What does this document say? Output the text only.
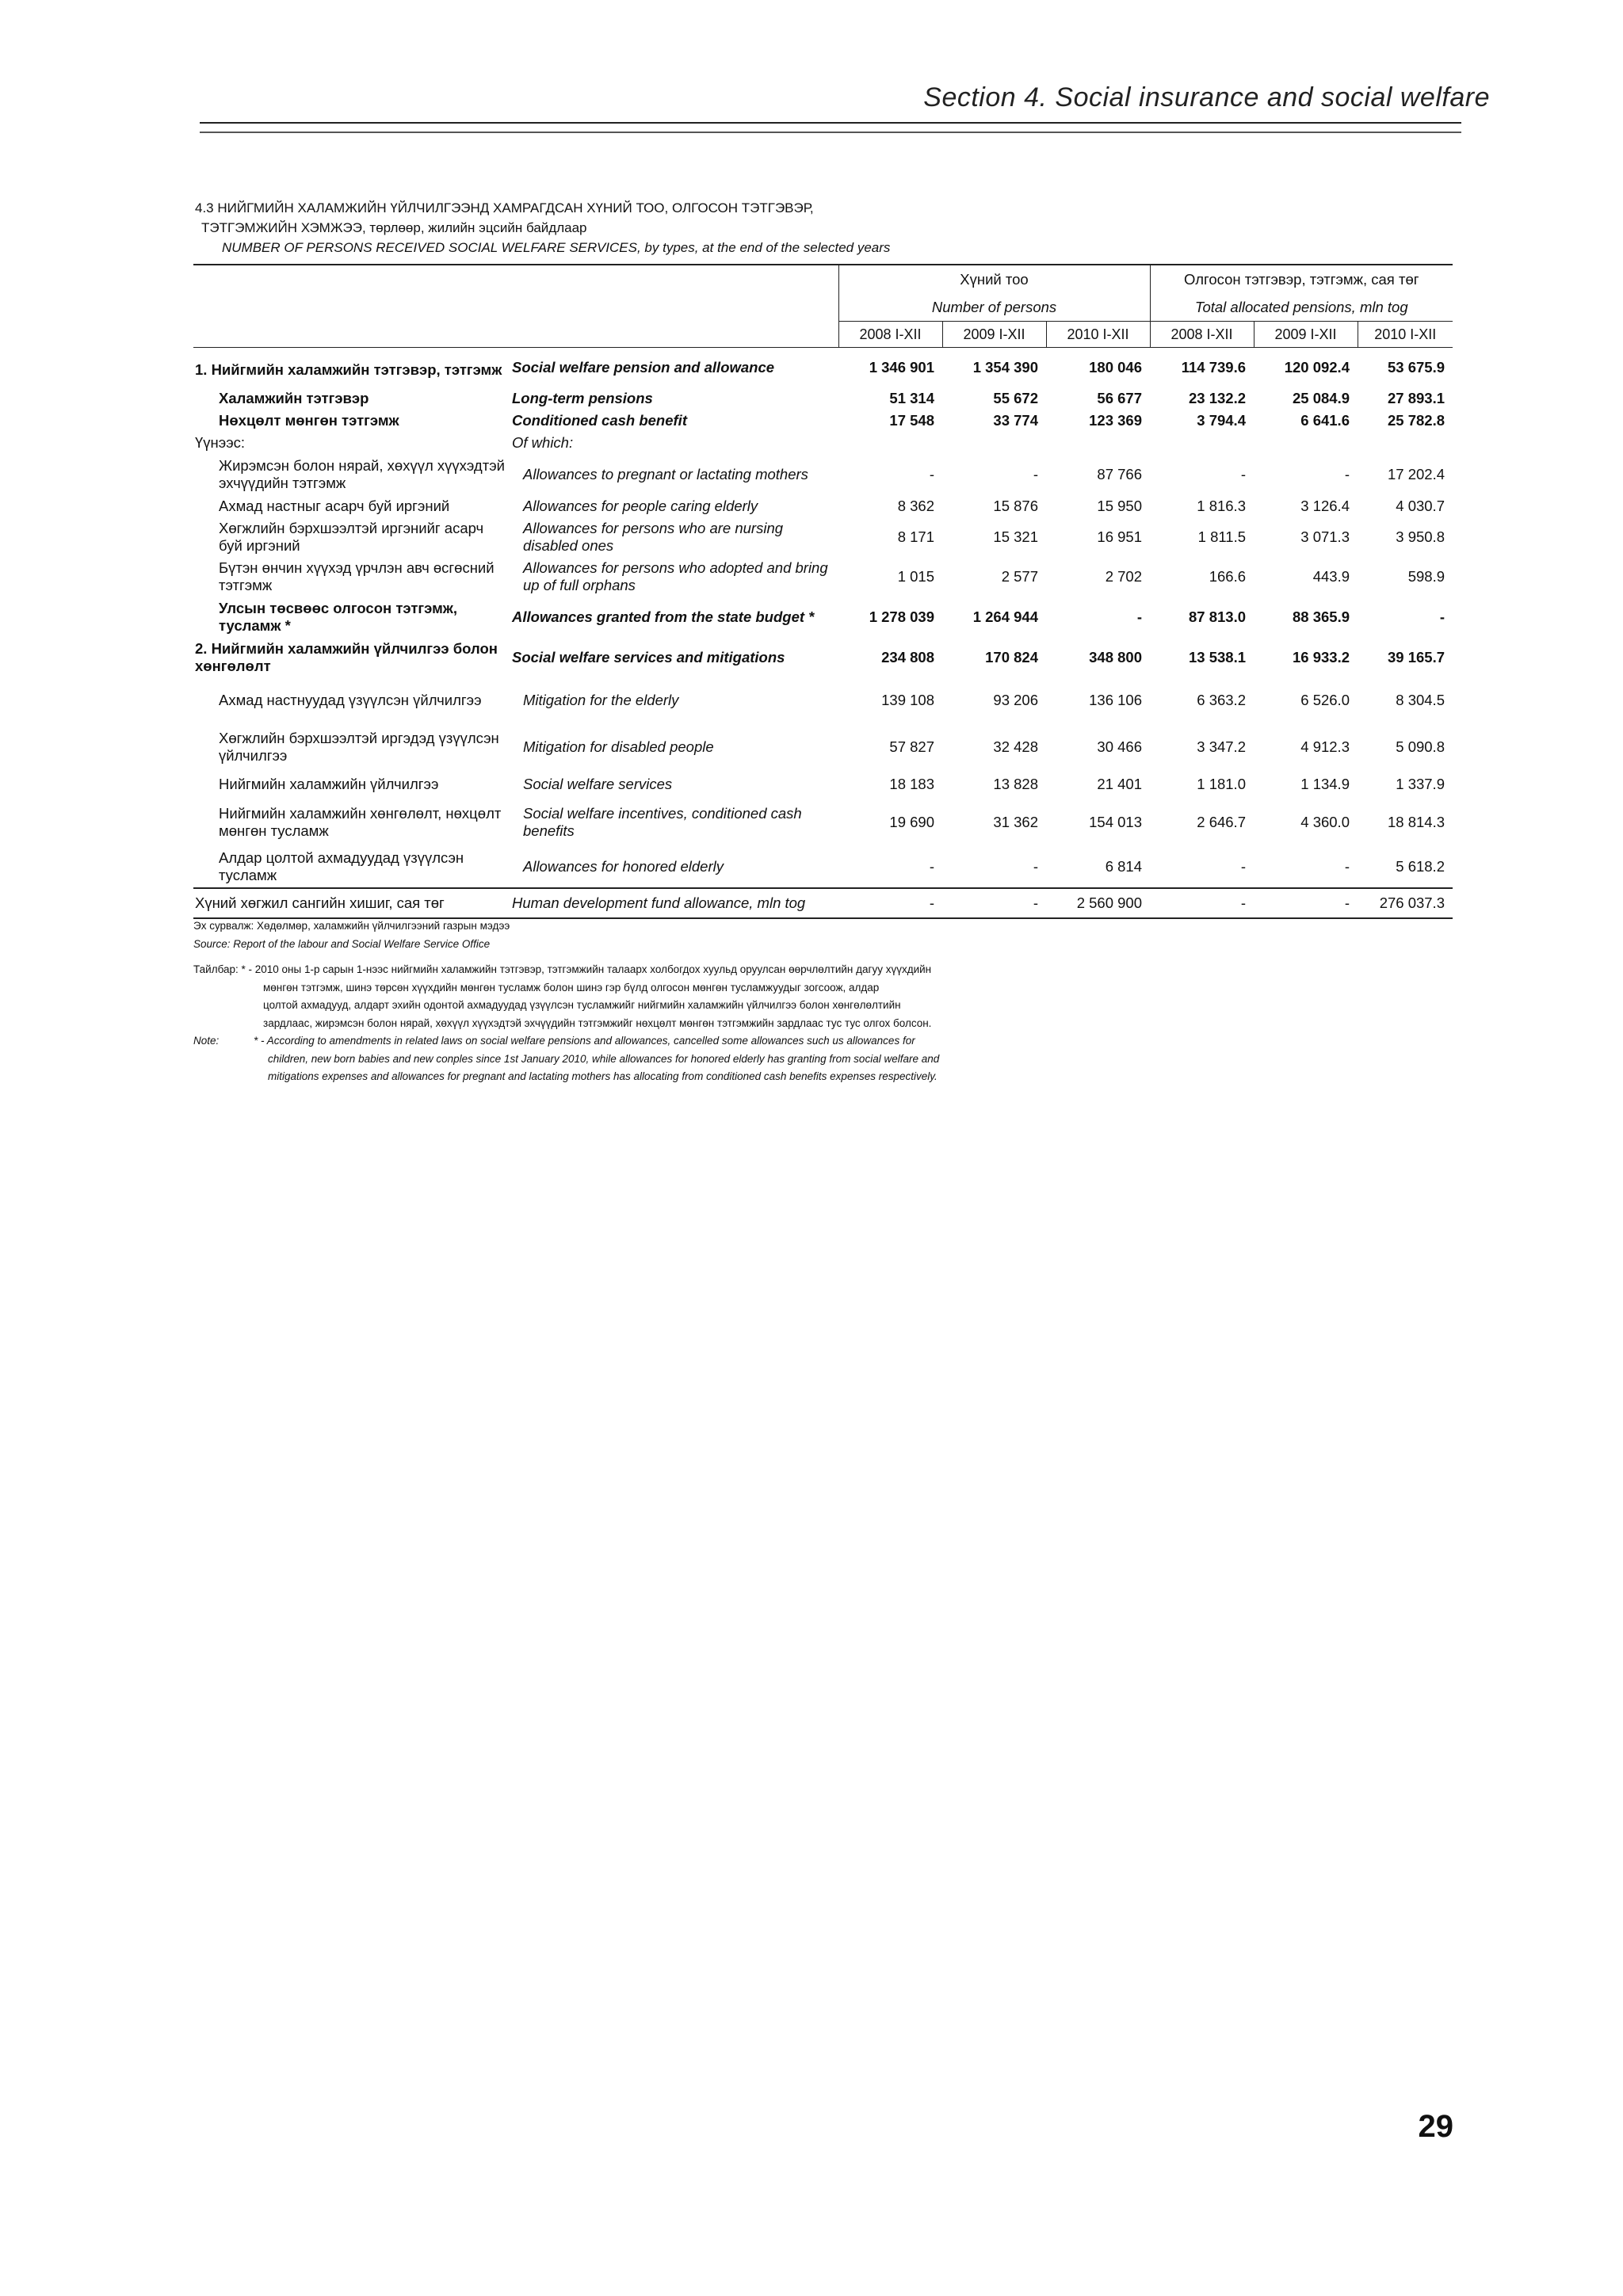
Section 4. Social insurance and social welfare
4.3 НИЙГМИЙН ХАЛАМЖИЙН ҮЙЛЧИЛГЭЭНД ХАМРАГДСАН ХҮНИЙ ТОО, ОЛГОСОН ТЭТГЭВЭР,
ТЭТГЭМЖИЙН ХЭМЖЭЭ, төрлөөр, жилийн эцсийн байдлаар
NUMBER OF PERSONS RECEIVED SOCIAL WELFARE SERVICES, by types, at the end of the selected years
		Хүний тоо			Олгосон тэтгэвэр, тэтгэмж, сая төг		
		Number of persons			Total allocated pensions, mln tog		
		2008 I-XII	2009 I-XII	2010 I-XII	2008 I-XII	2009 I-XII	2010 I-XII
1. Нийгмийн халамжийн тэтгэвэр, тэтгэмж	Social welfare pension and allowance	1 346 901	1 354 390	180 046	114 739.6	120 092.4	53 675.9
Халамжийн тэтгэвэр	Long-term pensions	51 314	55 672	56 677	23 132.2	25 084.9	27 893.1
Нөхцөлт мөнгөн тэтгэмж	Conditioned cash benefit	17 548	33 774	123 369	3 794.4	6 641.6	25 782.8
Үүнээс:	Of which:						
Жирэмсэн болон нярай, хөхүүл хүүхэдтэй эхчүүдийн тэтгэмж	Allowances to pregnant or lactating mothers	-	-	87 766	-	-	17 202.4
Ахмад настныг асарч буй иргэний	Allowances for people caring elderly	8 362	15 876	15 950	1 816.3	3 126.4	4 030.7
Хөгжлийн бэрхшээлтэй иргэнийг асарч буй иргэний	Allowances for persons who are nursing disabled ones	8 171	15 321	16 951	1 811.5	3 071.3	3 950.8
Бүтэн өнчин хүүхэд үрчлэн авч өсгөсний тэтгэмж	Allowances for persons who adopted and bring up of full orphans	1 015	2 577	2 702	166.6	443.9	598.9
Улсын төсвөөс олгосон тэтгэмж, тусламж *	Allowances granted from the state budget *	1 278 039	1 264 944	-	87 813.0	88 365.9	-
2. Нийгмийн халамжийн үйлчилгээ болон хөнгөлөлт	Social welfare services and mitigations	234 808	170 824	348 800	13 538.1	16 933.2	39 165.7
Ахмад настнуудад үзүүлсэн үйлчилгээ	Mitigation for the elderly	139 108	93 206	136 106	6 363.2	6 526.0	8 304.5
Хөгжлийн бэрхшээлтэй иргэдэд үзүүлсэн үйлчилгээ	Mitigation for disabled people	57 827	32 428	30 466	3 347.2	4 912.3	5 090.8
Нийгмийн халамжийн үйлчилгээ	Social welfare services	18 183	13 828	21 401	1 181.0	1 134.9	1 337.9
Нийгмийн халамжийн хөнгөлөлт, нөхцөлт мөнгөн тусламж	Social welfare incentives, conditioned cash benefits	19 690	31 362	154 013	2 646.7	4 360.0	18 814.3
Алдар цолтой ахмадуудад үзүүлсэн тусламж	Allowances for honored elderly	-	-	6 814	-	-	5 618.2
Хүний хөгжил сангийн хишиг, сая төг	Human development fund allowance, mln tog	-	-	2 560 900	-	-	276 037.3
Эх сурвалж: Хөдөлмөр, халамжийн үйлчилгээний газрын мэдээ
Source: Report of the labour and Social Welfare Service Office
Тайлбар: * - 2010 оны 1-р сарын 1-нээс нийгмийн халамжийн тэтгэвэр, тэтгэмжийн талаарх холбогдох хуульд оруулсан өөрчлөлтийн дагуу хүүхдийн
мөнгөн тэтгэмж, шинэ төрсөн хүүхдийн мөнгөн тусламж болон шинэ гэр бүлд олгосон мөнгөн тусламжуудыг зогсоож, алдар
цолтой ахмадууд, алдарт эхийн одонтой ахмадуудад үзүүлсэн тусламжийг нийгмийн халамжийн үйлчилгээ болон хөнгөлөлтийн
зардлаас, жирэмсэн болон нярай, хөхүүл хүүхэдтэй эхчүүдийн тэтгэмжийг нөхцөлт мөнгөн тэтгэмжийн зардлаас тус тус олгох болсон.
Note:	* - According to amendments in related laws on social welfare pensions and allowances, cancelled some allowances such us allowances for
children, new born babies and new conples since 1st January 2010, while allowances for honored elderly has granting from social welfare and
mitigations expenses and allowances for pregnant and lactating mothers has allocating from conditioned cash benefits expenses respectively.
29
